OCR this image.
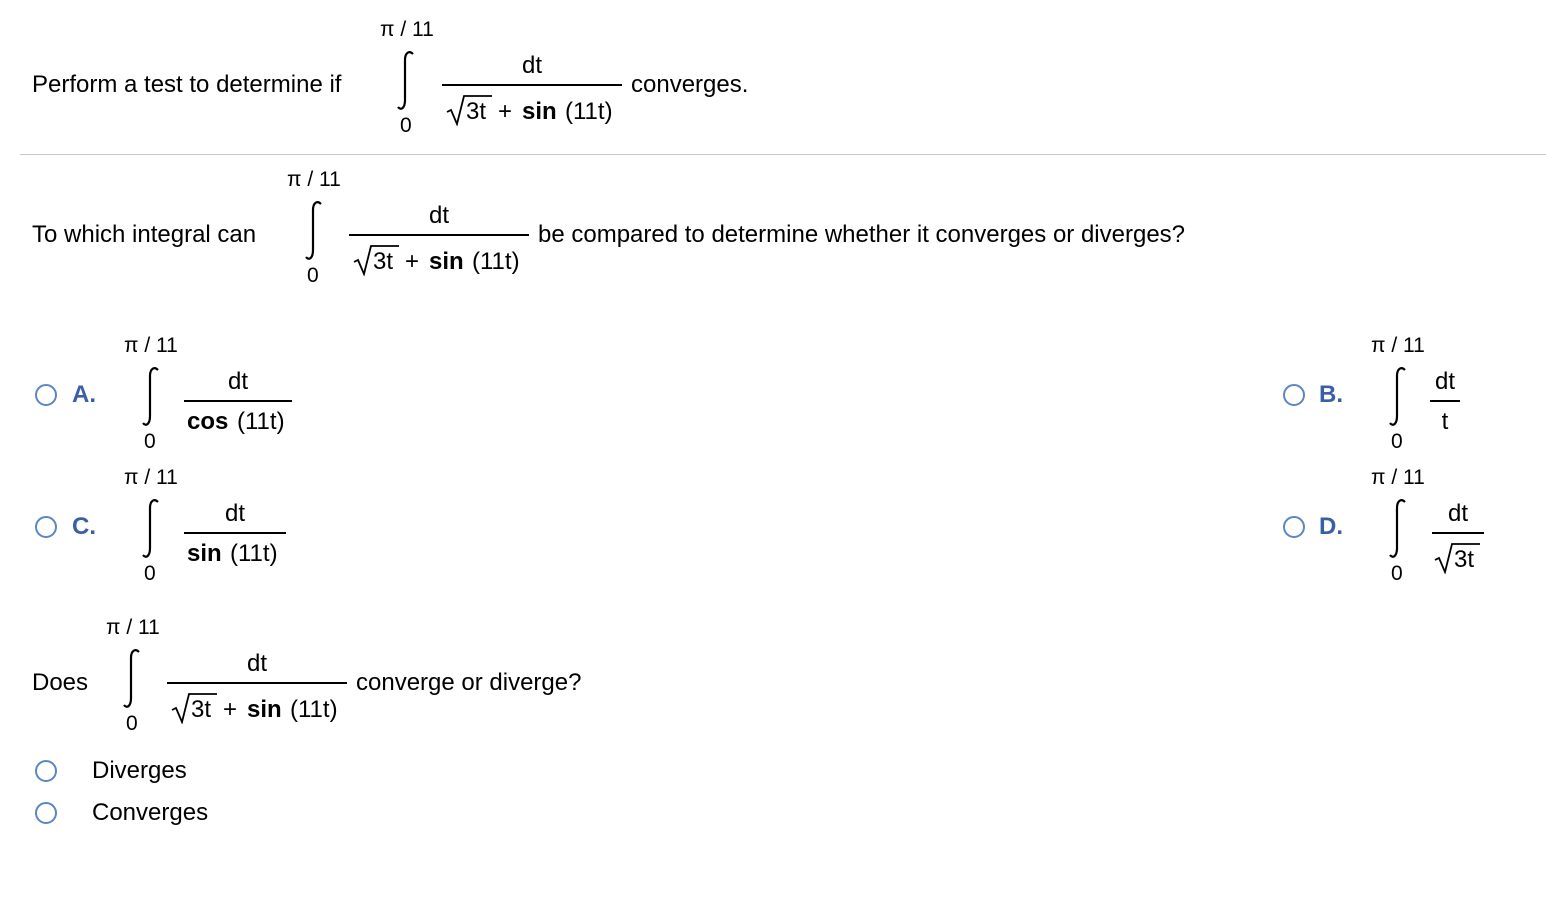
Perform a test to determine if
π / 11
0
dt
3t + sin (11t)
converges.
To which integral can
π / 11
0
dt
3t + sin (11t)
be compared to determine whether it converges or diverges?
A.
π / 11
0
dt
cos (11t)
B.
π / 11
0
dt
t
C.
π / 11
0
dt
sin (11t)
D.
π / 11
0
dt
3t
Does
π / 11
0
dt
3t + sin (11t)
converge or diverge?
Diverges
Converges
